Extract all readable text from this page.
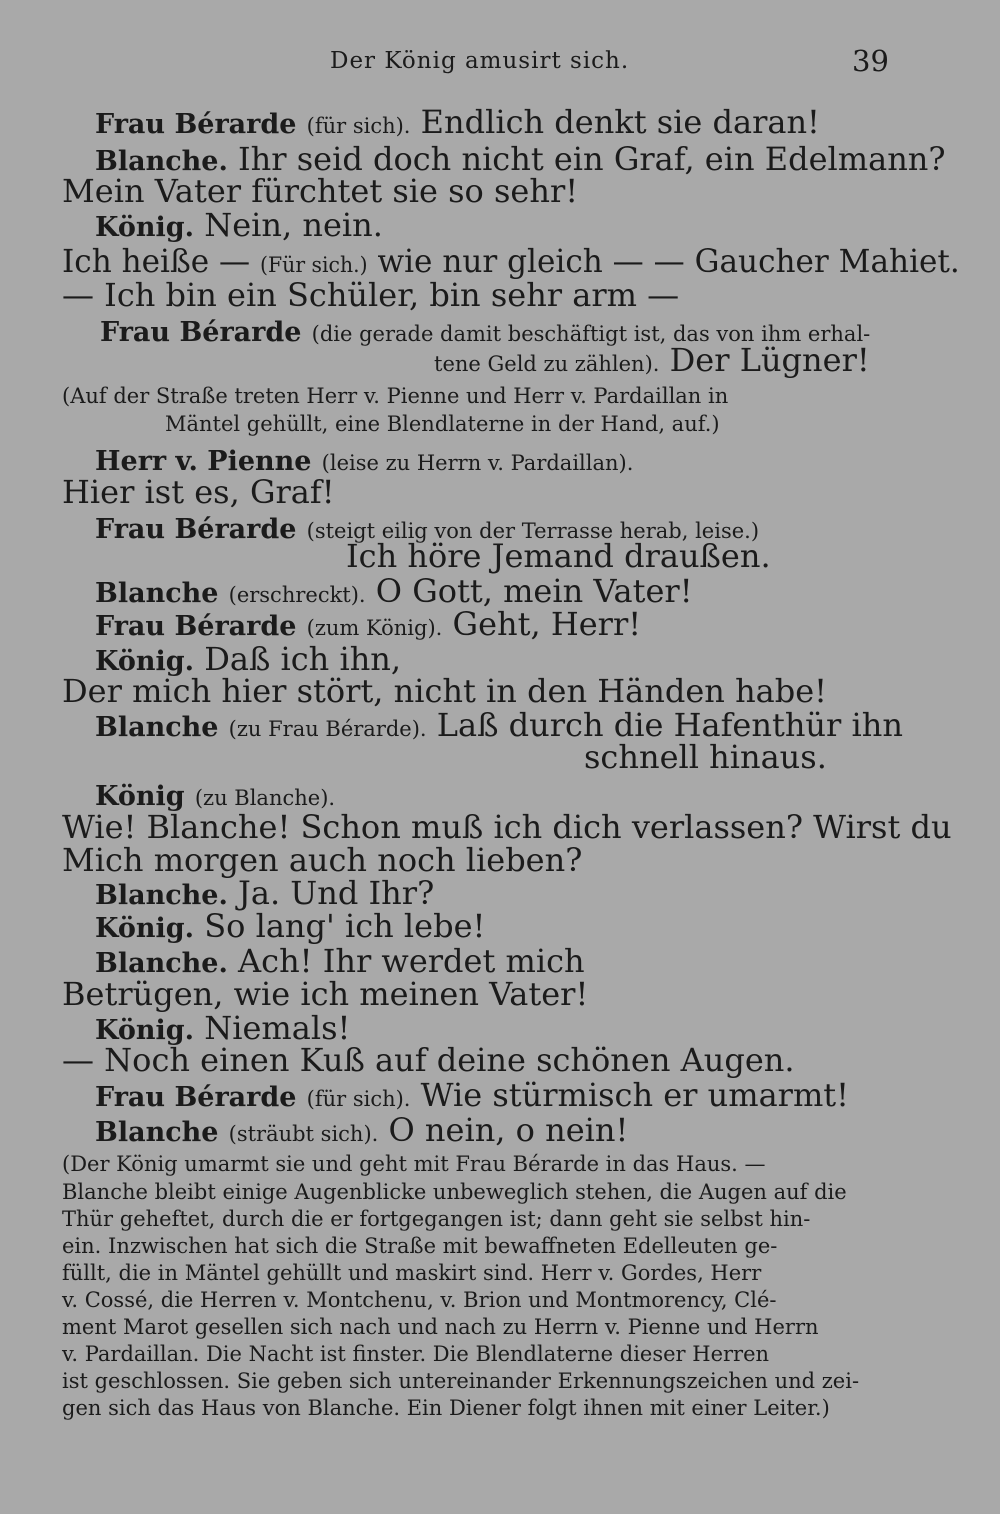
Der König amusirt sich.	39
Frau Bérarde (für sich). Endlich denkt sie daran!
Blanche. Ihr seid doch nicht ein Graf, ein Edelmann?
Mein Vater fürchtet sie so sehr!
König. Nein, nein.
Ich heiße — (Für sich.) wie nur gleich — — Gaucher Mahiet.
— Ich bin ein Schüler, bin sehr arm —
Frau Bérarde (die gerade damit beschäftigt ist, das von ihm erhal-
tene Geld zu zählen). Der Lügner!
(Auf der Straße treten Herr v. Pienne und Herr v. Pardaillan in
Mäntel gehüllt, eine Blendlaterne in der Hand, auf.)
Herr v. Pienne (leise zu Herrn v. Pardaillan).
Hier ist es, Graf!
Frau Bérarde (steigt eilig von der Terrasse herab, leise.)
Ich höre Jemand draußen.
Blanche (erschreckt). O Gott, mein Vater!
Frau Bérarde (zum König). Geht, Herr!
König. Daß ich ihn,
Der mich hier stört, nicht in den Händen habe!
Blanche (zu Frau Bérarde). Laß durch die Hafenthür ihn
schnell hinaus.
König (zu Blanche).
Wie! Blanche! Schon muß ich dich verlassen? Wirst du
Mich morgen auch noch lieben?
Blanche. Ja. Und Ihr?
König. So lang' ich lebe!
Blanche. Ach! Ihr werdet mich
Betrügen, wie ich meinen Vater!
König. Niemals!
— Noch einen Kuß auf deine schönen Augen.
Frau Bérarde (für sich). Wie stürmisch er umarmt!
Blanche (sträubt sich). O nein, o nein!
(Der König umarmt sie und geht mit Frau Bérarde in das Haus. —
Blanche bleibt einige Augenblicke unbeweglich stehen, die Augen auf die
Thür geheftet, durch die er fortgegangen ist; dann geht sie selbst hin-
ein. Inzwischen hat sich die Straße mit bewaffneten Edelleuten ge-
füllt, die in Mäntel gehüllt und maskirt sind. Herr v. Gordes, Herr
v. Cossé, die Herren v. Montchenu, v. Brion und Montmorency, Clé-
ment Marot gesellen sich nach und nach zu Herrn v. Pienne und Herrn
v. Pardaillan. Die Nacht ist finster. Die Blendlaterne dieser Herren
ist geschlossen. Sie geben sich untereinander Erkennungszeichen und zei-
gen sich das Haus von Blanche. Ein Diener folgt ihnen mit einer Leiter.)
